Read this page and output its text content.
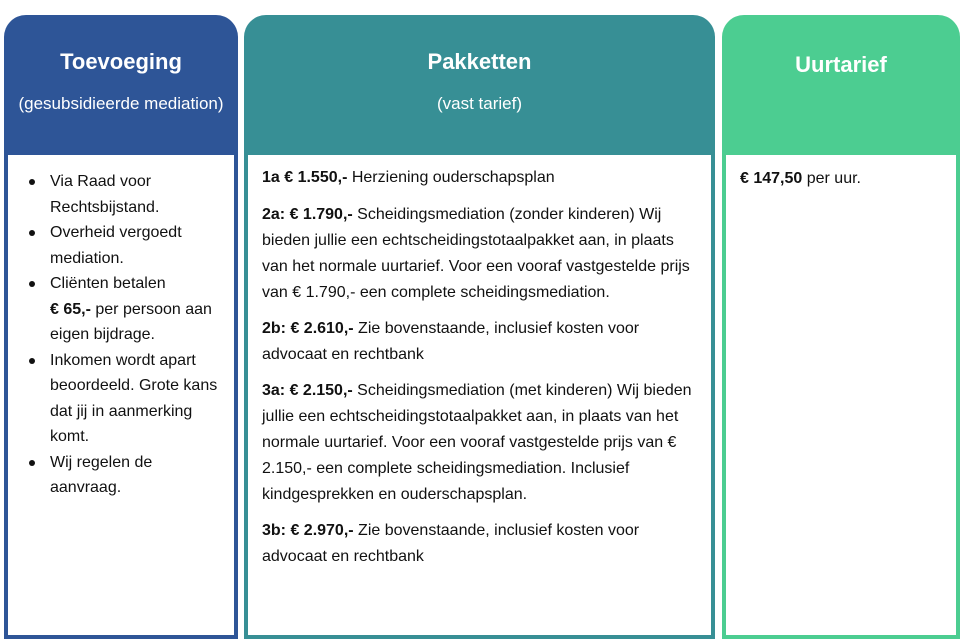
Toevoeging
(gesubsidieerde mediation)
Via Raad voor Rechtsbijstand.
Overheid vergoedt mediation.
Cliënten betalen
€ 65,- per persoon aan eigen bijdrage.
Inkomen wordt apart beoordeeld. Grote kans dat jij in aanmerking komt.
Wij regelen de aanvraag.
Pakketten
(vast tarief)

1a € 1.550,- Herziening ouderschapsplan

2a: € 1.790,- Scheidingsmediation (zonder kinderen) Wij bieden jullie een echtscheidingstotaalpakket aan, in plaats van het normale uurtarief. Voor een vooraf vastgestelde prijs van € 1.790,- een complete scheidingsmediation.

2b: € 2.610,- Zie bovenstaande, inclusief kosten voor advocaat en rechtbank

3a: € 2.150,- Scheidingsmediation (met kinderen) Wij bieden jullie een echtscheidingstotaalpakket aan, in plaats van het normale uurtarief. Voor een vooraf vastgestelde prijs van € 2.150,- een complete scheidingsmediation. Inclusief kindgesprekken en ouderschapsplan.

3b: € 2.970,- Zie bovenstaande, inclusief kosten voor advocaat en rechtbank

Uurtarief
€ 147,50 per uur.
